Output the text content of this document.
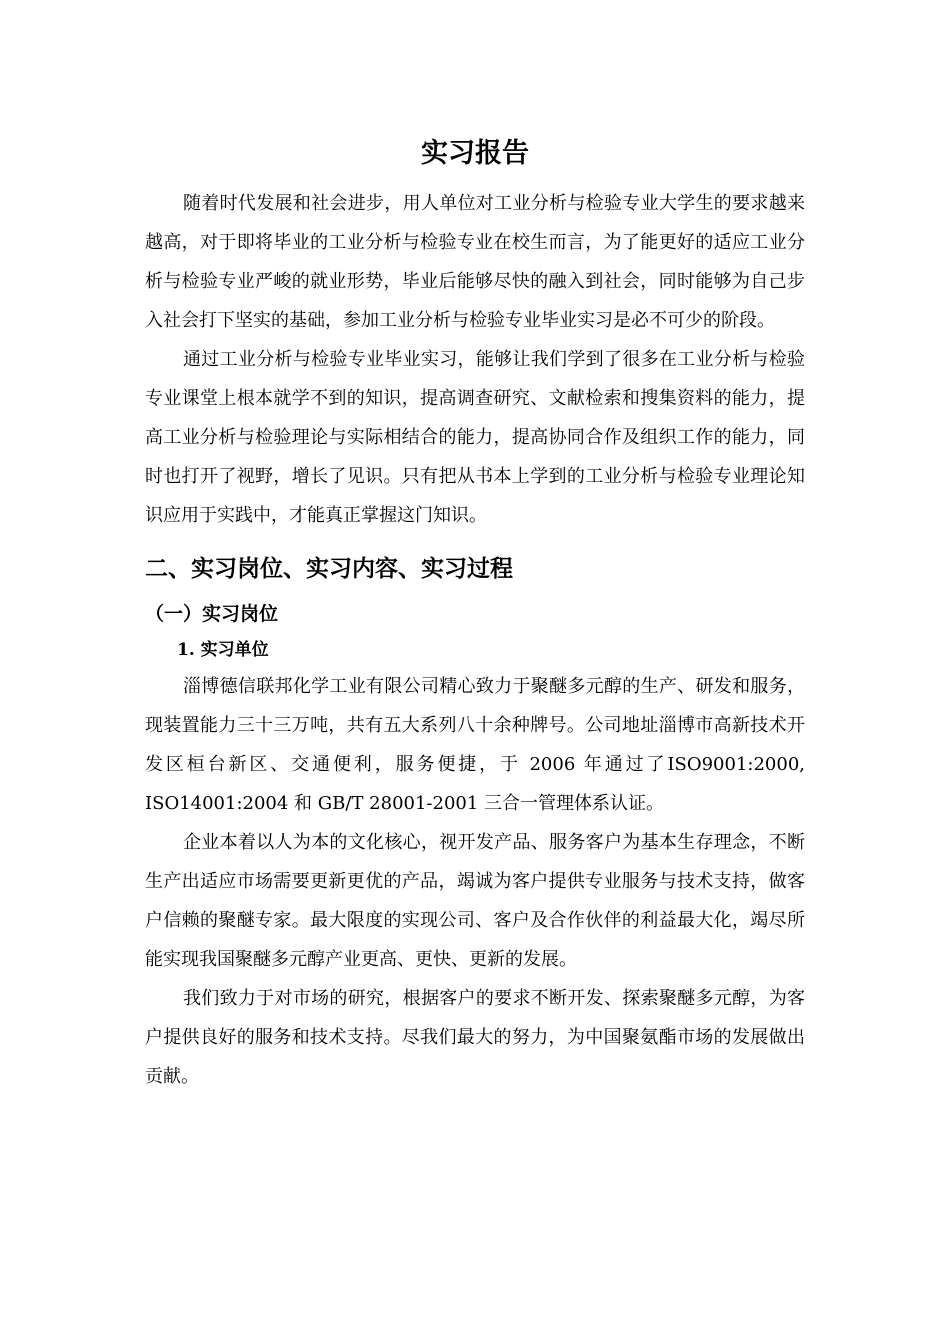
实习报告

随着时代发展和社会进步，用人单位对工业分析与检验专业大学生的要求越来越高，对于即将毕业的工业分析与检验专业在校生而言，为了能更好的适应工业分析与检验专业严峻的就业形势，毕业后能够尽快的融入到社会，同时能够为自己步入社会打下坚实的基础，参加工业分析与检验专业毕业实习是必不可少的阶段。

通过工业分析与检验专业毕业实习，能够让我们学到了很多在工业分析与检验专业课堂上根本就学不到的知识，提高调查研究、文献检索和搜集资料的能力，提高工业分析与检验理论与实际相结合的能力，提高协同合作及组织工作的能力，同时也打开了视野，增长了见识。只有把从书本上学到的工业分析与检验专业理论知识应用于实践中，才能真正掌握这门知识。

二、实习岗位、实习内容、实习过程
（一）实习岗位
1. 实习单位

淄博德信联邦化学工业有限公司精心致力于聚醚多元醇的生产、研发和服务，现装置能力三十三万吨，共有五大系列八十余种牌号。公司地址淄博市高新技术开发区桓台新区、交通便利，服务便捷，于 2006 年通过了ISO9001:2000, ISO14001:2004 和 GB/T 28001-2001 三合一管理体系认证。

企业本着以人为本的文化核心，视开发产品、服务客户为基本生存理念，不断生产出适应市场需要更新更优的产品，竭诚为客户提供专业服务与技术支持，做客户信赖的聚醚专家。最大限度的实现公司、客户及合作伙伴的利益最大化，竭尽所能实现我国聚醚多元醇产业更高、更快、更新的发展。

我们致力于对市场的研究，根据客户的要求不断开发、探索聚醚多元醇，为客户提供良好的服务和技术支持。尽我们最大的努力，为中国聚氨酯市场的发展做出贡献。
